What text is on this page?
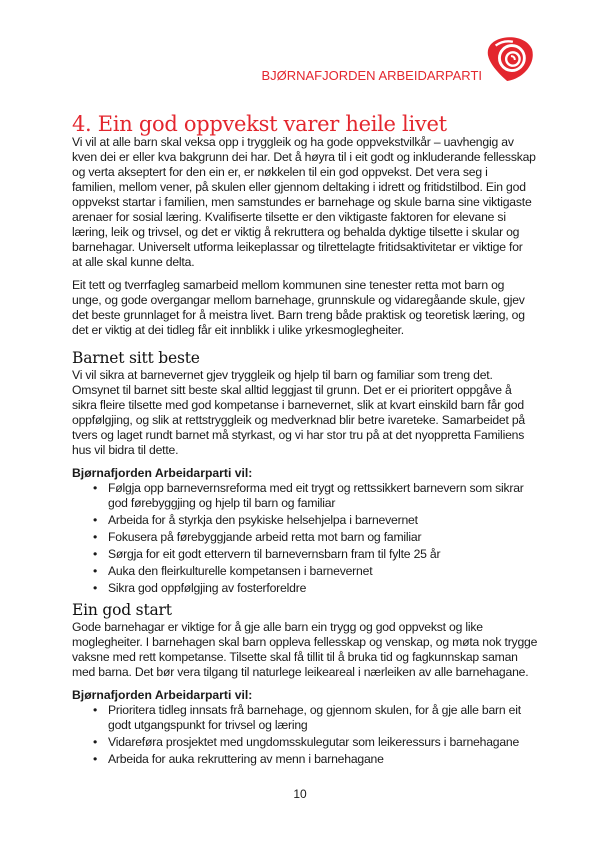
BJØRNAFJORDEN ARBEIDARPARTI
4. Ein god oppvekst varer heile livet
Vi vil at alle barn skal veksa opp i tryggleik og ha gode oppvekstvilkår – uavhengig av
kven dei er eller kva bakgrunn dei har. Det å høyra til i eit godt og inkluderande fellesskap
og verta akseptert for den ein er, er nøkkelen til ein god oppvekst. Det vera seg i
familien, mellom vener, på skulen eller gjennom deltaking i idrett og fritidstilbod. Ein god
oppvekst startar i familien, men samstundes er barnehage og skule barna sine viktigaste
arenaer for sosial læring. Kvalifiserte tilsette er den viktigaste faktoren for elevane si
læring, leik og trivsel, og det er viktig å rekruttera og behalda dyktige tilsette i skular og
barnehagar. Universelt utforma leikeplassar og tilrettelagte fritidsaktivitetar er viktige for
at alle skal kunne delta.
Eit tett og tverrfagleg samarbeid mellom kommunen sine tenester retta mot barn og
unge, og gode overgangar mellom barnehage, grunnskule og vidaregåande skule, gjev
det beste grunnlaget for å meistra livet. Barn treng både praktisk og teoretisk læring, og
det er viktig at dei tidleg får eit innblikk i ulike yrkesmoglegheiter.
Barnet sitt beste
Vi vil sikra at barnevernet gjev tryggleik og hjelp til barn og familiar som treng det.
Omsynet til barnet sitt beste skal alltid leggjast til grunn. Det er ei prioritert oppgåve å
sikra fleire tilsette med god kompetanse i barnevernet, slik at kvart einskild barn får god
oppfølgjing, og slik at rettstryggleik og medverknad blir betre ivareteke. Samarbeidet på
tvers og laget rundt barnet må styrkast, og vi har stor tru på at det nyoppretta Familiens
hus vil bidra til dette.

Bjørnafjorden Arbeidarparti vil:

• Følgja opp barnevernsreforma med eit trygt og rettssikkert barnevern som sikrar
god førebyggjing og hjelp til barn og familiar
• Arbeida for å styrkja den psykiske helsehjelpa i barnevernet
• Fokusera på førebyggjande arbeid retta mot barn og familiar
• Sørgja for eit godt ettervern til barnevernsbarn fram til fylte 25 år
• Auka den fleirkulturelle kompetansen i barnevernet
• Sikra god oppfølgjing av fosterforeldre
Ein god start
Gode barnehagar er viktige for å gje alle barn ein trygg og god oppvekst og like
moglegheiter. I barnehagen skal barn oppleva fellesskap og venskap, og møta nok trygge
vaksne med rett kompetanse. Tilsette skal få tillit til å bruka tid og fagkunnskap saman
med barna. Det bør vera tilgang til naturlege leikeareal i nærleiken av alle barnehagane.

Bjørnafjorden Arbeidarparti vil:

• Prioritera tidleg innsats frå barnehage, og gjennom skulen, for å gje alle barn eit
godt utgangspunkt for trivsel og læring
• Vidareføra prosjektet med ungdomsskulegutar som leikeressurs i barnehagane
• Arbeida for auka rekruttering av menn i barnehagane
10
